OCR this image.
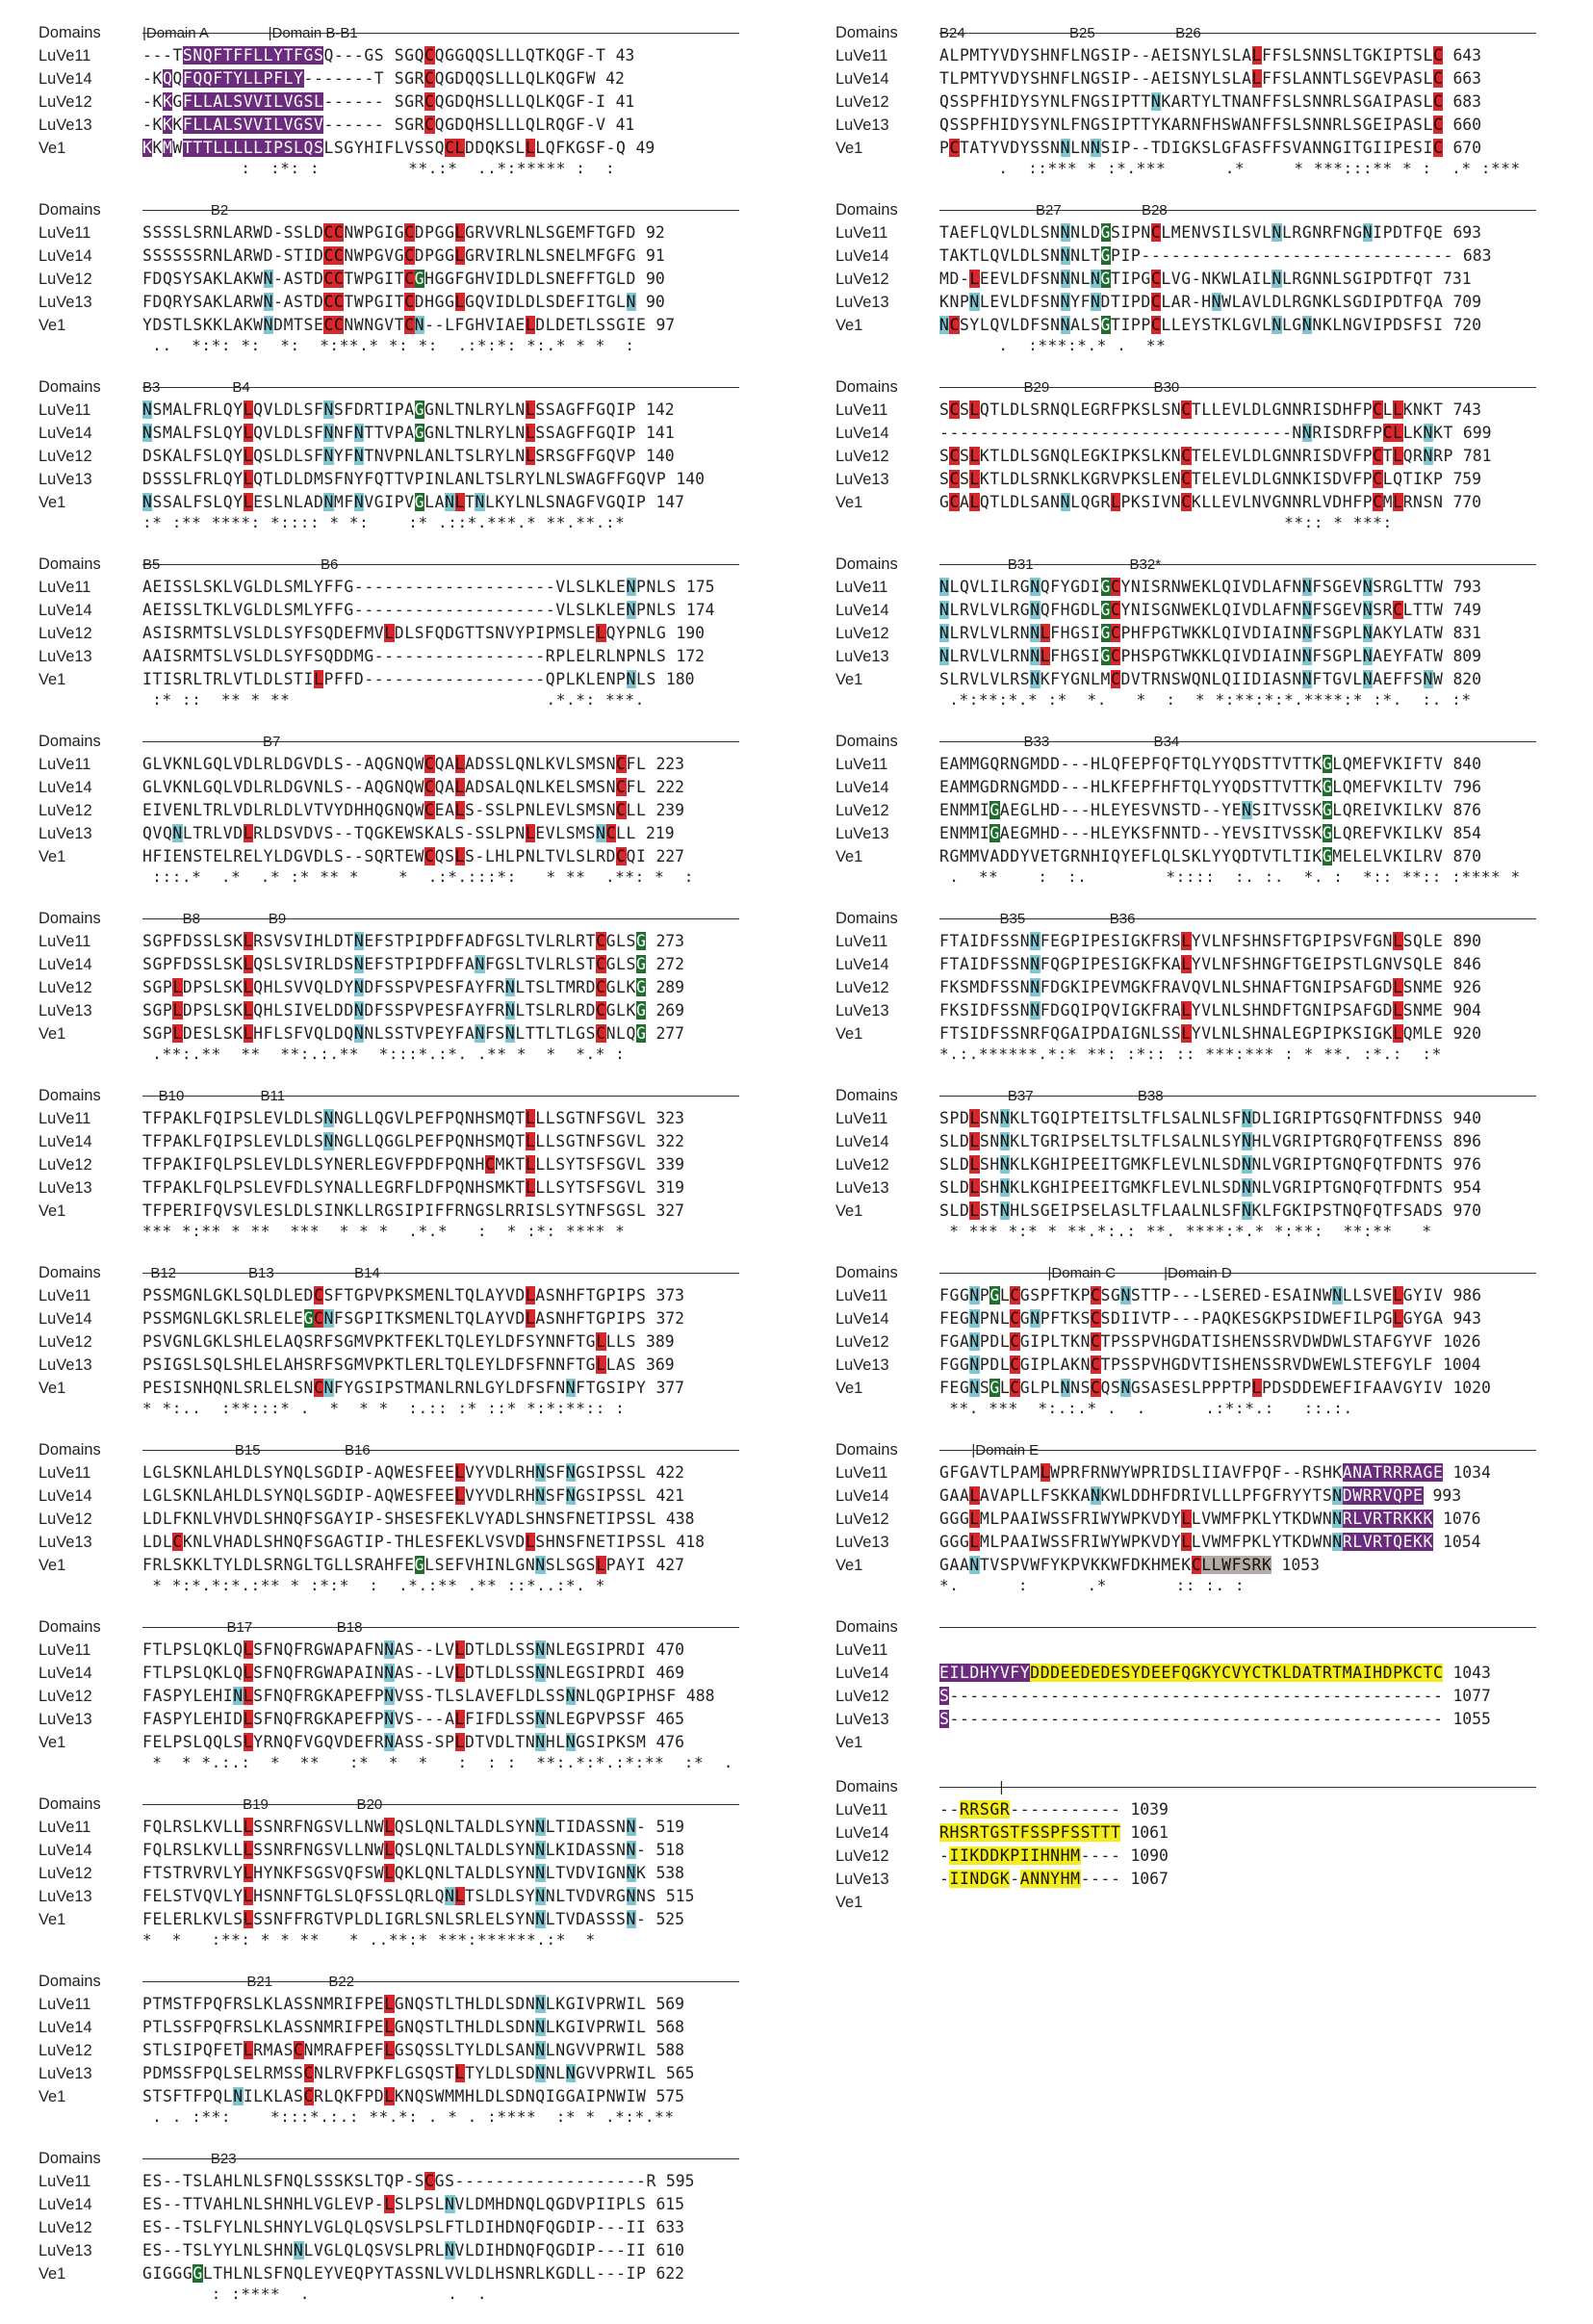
Domains	|Domain A               |Domain B-B1
LuVe11	---TSNQFTFFLLYTFGSQ---GS SGQCQGGQQSLLLQTKQGF-T 43
LuVe14	-KQQFQQFTYLLPFLY-------T SGRCQGDQQSLLLQLKQGFW 42
LuVe12	-KKGFLLALSVVILVGSL------ SGRCQGDQHSLLLQLKQGF-I 41
LuVe13	-KKKFLLALSVVILVGSV------ SGRCQGDQHSLLLQLRQGF-V 41
Ve1	KKMWTTTLLLLLIPSLQSLSGYHIFLVSSQCLDDQKSLLLQFKGSF-Q 49
:  :*: :         **.:*  ..*:***** :  :
Domains	B2
LuVe11	SSSSLSRNLARWD-SSLDCCNWPGIGCDPGGLGRVVRLNLSGEMFTGFD 92
LuVe14	SSSSSSRNLARWD-STIDCCNWPGVGCDPGGLGRVIRLNLSNELMFGFG 91
LuVe12	FDQSYSAKLAKWN-ASTDCCTWPGITCGHGGFGHVIDLDLSNEFFTGLD 90
LuVe13	FDQRYSAKLARWN-ASTDCCTWPGITCDHGGLGQVIDLDLSDEFITGLN 90
Ve1	YDSTLSKKLAKWNDMTSECCNWNGVTCN--LFGHVIAELDLDETLSSGIE 97
..  *:*: *:  *:  *:**.* *: *:  .:*:*: *:.* * *  :
Domains	B3                  B4
LuVe11	NSMALFRLQYLQVLDLSFNSFDRTIPAGGNLTNLRYLNLSSAGFFGQIP 142
LuVe14	NSMALFSLQYLQVLDLSFNNFNTTVPAGGNLTNLRYLNLSSAGFFGQIP 141
LuVe12	DSKALFSLQYLQSLDLSFNYFNTNVPNLANLTSLRYLNLSRSGFFGQVP 140
LuVe13	DSSSLFRLQYLQTLDLDMSFNYFQTTVPINLANLTSLRYLNLSWAGFFGQVP 140
Ve1	NSSALFSLQYLESLNLADNMFNVGIPVGLANLTNLKYLNLSNAGFVGQIP 147
:* :** ****: *:::: * *:    :* .::*.***.* **.**.:*
Domains	B5                                        B6
LuVe11	AEISSLSKLVGLDLSMLYFFG--------------------VLSLKLENPNLS 175
LuVe14	AEISSLTKLVGLDLSMLYFFG--------------------VLSLKLENPNLS 174
LuVe12	ASISRMTSLVSLDLSYFSQDEFMVLDLSFQDGTTSNVYPIPMSLELQYPNLG 190
LuVe13	AAISRMTSLVSLDLSYFSQDDMG-----------------RPLELRLNPNLS 172
Ve1	ITISRLTRLVTLDLSTILPFFD------------------QPLKLENPNLS 180
:* ::  ** * **                          .*.*: ***.
Domains	B7
LuVe11	GLVKNLGQLVDLRLDGVDLS--AQGNQWCQALADSSLQNLKVLSMSNCFL 223
LuVe14	GLVKNLGQLVDLRLDGVNLS--AQGNQWCQALADSALQNLKELSMSNCFL 222
LuVe12	EIVENLTRLVDLRLDLVTVYDHHQGNQWCEALS-SSLPNLEVLSMSNCLL 239
LuVe13	QVQNLTRLVDLRLDSVDVS--TQGKEWSKALS-SSLPNLEVLSMSNCLL 219
Ve1	HFIENSTELRELYLDGVDLS--SQRTEWCQSLS-LHLPNLTVLSLRDCQI 227
:::.*  .*  .* :* ** *    *  .:*.:::*:   * **  .**: *  :
Domains	B8                 B9
LuVe11	SGPFDSSLSKLRSVSVIHLDTNEFSTPIPDFFADFGSLTVLRLRTCGLSG 273
LuVe14	SGPFDSSLSKLQSLSVIRLDSNEFSTPIPDFFANFGSLTVLRLSTCGLSG 272
LuVe12	SGPLDPSLSKLQHLSVVQLDYNDFSSPVPESFAYFRNLTSLTMRDCGLKG 289
LuVe13	SGPLDPSLSKLQHLSIVELDDNDFSSPVPESFAYFRNLTSLRLRDCGLKG 269
Ve1	SGPLDESLSKLHFLSFVQLDQNNLSSTVPEYFANFSNLTTLTLGSCNLQG 277
.**:.**  **  **:.:.**  *:::*.:*. .** *  *  *.* :
Domains	B10                   B11
LuVe11	TFPAKLFQIPSLEVLDLSNNGLLQGVLPEFPQNHSMQTLLLSGTNFSGVL 323
LuVe14	TFPAKLFQIPSLEVLDLSNNGLLQGGLPEFPQNHSMQTLLLSGTNFSGVL 322
LuVe12	TFPAKIFQLPSLEVLDLSYNERLEGVFPDFPQNHCMKTLLLSYTSFSGVL 339
LuVe13	TFPAKLFQLPSLEVFDLSYNALLEGRFLDFPQNHSMKTLLLSYTSFSGVL 319
Ve1	TFPERIFQVSVLESLDLSINKLLRGSIPIFFRNGSLRRISLSYTNFSGSL 327
*** *:** * **  ***  * * *  .*.*   :  * :*: **** *
Domains	B12                  B13                    B14
LuVe11	PSSMGNLGKLSQLDLEDCSFTGPVPKSMENLTQLAYVDLASNHFTGPIPS 373
LuVe14	PSSMGNLGKLSRLELEGCNFSGPITKSMENLTQLAYVDLASNHFTGPIPS 372
LuVe12	PSVGNLGKLSHLELAQSRFSGMVPKTFEKLTQLEYLDFSYNNFTGLLLS 389
LuVe13	PSIGSLSQLSHLELAHSRFSGMVPKTLERLTQLEYLDFSFNNFTGLLAS 369
Ve1	PESISNHQNLSRLELSNCNFYGSIPSTMANLRNLGYLDFSFNNFTGSIPY 377
* *:..  :**:::* .  *  * *  :.:: :* ::* *:*:**:: :
Domains	B15                     B16
LuVe11	LGLSKNLAHLDLSYNQLSGDIP-AQWESFEELVYVDLRHNSFNGSIPSSL 422
LuVe14	LGLSKNLAHLDLSYNQLSGDIP-AQWESFEELVYVDLRHNSFNGSIPSSL 421
LuVe12	LDLFKNLVHVDLSHNQFSGAYIP-SHSESFEKLVYADLSHNSFNETIPSSL 438
LuVe13	LDLCKNLVHADLSHNQFSGAGTIP-THLESFEKLVSVDLSHNSFNETIPSSL 418
Ve1	FRLSKKLTYLDLSRNGLTGLLSRAHFEGLSEFVHINLGNNSLSGSLPAYI 427
* *:*.*:*.:** * :*:*  :  .*.:** .** ::*..:*. *
Domains	B17                     B18
LuVe11	FTLPSLQKLQLSFNQFRGWAPAFNNAS--LVLDTLDLSSNNLEGSIPRDI 470
LuVe14	FTLPSLQKLQLSFNQFRGWAPAINNAS--LVLDTLDLSSNNLEGSIPRDI 469
LuVe12	FASPYLEHINLSFNQFRGKAPEFPNVSS-TLSLAVEFLDLSSNNLQGPIPHSF 488
LuVe13	FASPYLEHIDLSFNQFRGKAPEFPNVS---ALFIFDLSSNNLEGPVPSSF 465
Ve1	FELPSLQQLSLYRNQFVGQVDEFRNASS-SPLDTVDLTNNHLNGSIPKSM 476
*  * *.:.:  *  **   :*  *  *   :  : :  **:.*:*.:*:**  :*  .
Domains	B19                      B20
LuVe11	FQLRSLKVLLLSSNRFNGSVLLNWLQSLQNLTALDLSYNNLTIDASSNN- 519
LuVe14	FQLRSLKVLLLSSNRFNGSVLLNWLQSLQNLTALDLSYNNLKIDASSNN- 518
LuVe12	FTSTRVRVLYLHYNKFSGSVQFSWLQKLQNLTALDLSYNNLTVDVIGNNK 538
LuVe13	FELSTVQVLYLHSNNFTGLSLQFSSLQRLQNLTSLDLSYNNLTVDVRGNNS 515
Ve1	FELERLKVLSLSSNFFRGTVPLDLIGRLSNLSRLELSYNNLTVDASSSN- 525
*  *   :**: * * **   * ..**:* ***:******.:*  *
Domains	B21              B22
LuVe11	PTMSTFPQFRSLKLASSNMRIFPELGNQSTLTHLDLSDNNLKGIVPRWIL 569
LuVe14	PTLSSFPQFRSLKLASSNMRIFPELGNQSTLTHLDLSDNNLKGIVPRWIL 568
LuVe12	STLSIPQFETLRMASCNMRAFPEFLGSQSSLTYLDLSANNLNGVVPRWIL 588
LuVe13	PDMSSFPQLSELRMSSCNLRVFPKFLGSQSTLTYLDLSDNNLNGVVPRWIL 565
Ve1	STSFTFPQLNILKLASCRLQKFPDLKNQSWMMHLDLSDNQIGGAIPNWIW 575
. . :**:    *:::*.:.: **.*: . * . :****  :* * .*:*.**
Domains	B23
LuVe11	ES--TSLAHLNLSFNQLSSSKSLTQP-SCGS-------------------R 595
LuVe14	ES--TTVAHLNLSHNHLVGLEVP-LSLPSLNVLDMHDNQLQGDVPIIPLS 615
LuVe12	ES--TSLFYLNLSHNYLVGLQLQSVSLPSLFTLDIHDNQFQGDIP---II 633
LuVe13	ES--TSLYYLNLSHNNLVGLQLQSVSLPRLNVLDIHDNQFQGDIP---II 610
Ve1	GIGGGGLTHLNLSFNQLEYVEQPYTASSNLVVLDLHSNRLKGDLL---IP 622
: :****  .              .  .
Domains	B24                          B25                    B26
LuVe11	ALPMTYVDYSHNFLNGSIP--AEISNYLSLALFFSLSNNSLTGKIPTSLC 643
LuVe14	TLPMTYVDYSHNFLNGSIP--AEISNYLSLALFFSLANNTLSGEVPASLC 663
LuVe12	QSSPFHIDYSYNLFNGSIPTTNKARTYLTNANFFSLSNNRLSGAIPASLC 683
LuVe13	QSSPFHIDYSYNLFNGSIPTTYKARNFHSWANFFSLSNNRLSGEIPASLC 660
Ve1	PCTATYVDYSSNNLNNSIP--TDIGKSLGFASFFSVANNGITGIIPESIC 670
.  ::*** * :*.***      .*     * ***:::** * :  .* :***
Domains	B27                    B28
LuVe11	TAEFLQVLDLSNNNLDGSIPNCLMENVSILSVLNLRGNRFNGNIPDTFQE 693
LuVe14	TAKTLQVLDLSNNNLTGPIP------------------------------- 683
LuVe12	MD-LEEVLDFSNNNLNGTIPGCLVG-NKWLAILNLRGNNLSGIPDTFQT 731
LuVe13	KNPNLEVLDFSNNYFNDTIPDCLAR-HNWLAVLDLRGNKLSGDIPDTFQA 709
Ve1	NCSYLQVLDFSNNALSGTIPPCLLEYSTKLGVLNLGNNKLNGVIPDSFSI 720
.  :***:*.* .  **
Domains	B29                          B30
LuVe11	SCSLQTLDLSRNQLEGRFPKSLSNCTLLEVLDLGNNRISDHFPCLLKNKT 743
LuVe14	-----------------------------------NNRISDRFPCLLKNKT 699
LuVe12	SCSLKTLDLSGNQLEGKIPKSLKNCTELEVLDLGNNRISDVFPCTLQRNRP 781
LuVe13	SCSLKTLDLSRNKLKGRVPKSLENCTELEVLDLGNNKISDVFPCLQTIKP 759
Ve1	GCALQTLDLSANNLQGRLPKSIVNCKLLEVLNVGNNRLVDHFPCMLRNSN 770
**:: * ***:
Domains	B31                        B32*
LuVe11	NLQVLILRGNQFYGDIGCYNISRNWEKLQIVDLAFNNFSGEVNSRGLTTW 793
LuVe14	NLRVLVLRGNQFHGDLGCYNISGNWEKLQIVDLAFNNFSGEVNSRCLTTW 749
LuVe12	NLRVLVLRNNLFHGSIGCPHFPGTWKKLQIVDIAINNFSGPLNAKYLATW 831
LuVe13	NLRVLVLRNNLFHGSIGCPHSPGTWKKLQIVDIAINNFSGPLNAEYFATW 809
Ve1	SLRVLVLRSNKFYGNLMCDVTRNSWQNLQIIDIASNNFTGVLNAEFFSNW 820
.*:**:*.* :*  *.   *  :  * *:**:*:*.****:* :*.  :. :*
Domains	B33                          B34
LuVe11	EAMMGQRNGMDD---HLQFEPFQFTQLYYQDSTTVTTKGLQMEFVKIFTV 840
LuVe14	EAMMGDRNGMDD---HLKFEPFHFTQLYYQDSTTVTTKGLQMEFVKILTV 796
LuVe12	ENMMIGAEGLHD---HLEYESVNSTD--YENSITVSSKGLQREIVKILKV 876
LuVe13	ENMMIGAEGMHD---HLEYKSFNNTD--YEVSITVSSKGLQREFVKILKV 854
Ve1	RGMMVADDYVETGRNHIQYEFLQLSKLYYQDTVTLTIKGMELELVKILRV 870
.  **    :  :.        *::::  :. :.  *. :  *:: **:: :**** *
Domains	B35                     B36
LuVe11	FTAIDFSSNNFEGPIPESIGKFRSLYVLNFSHNSFTGPIPSVFGNLSQLE 890
LuVe14	FTAIDFSSNNFQGPIPESIGKFKALYVLNFSHNGFTGEIPSTLGNVSQLE 846
LuVe12	FKSMDFSSNNFDGKIPEVMGKFRAVQVLNLSHNAFTGNIPSAFGDLSNME 926
LuVe13	FKSIDFSSNNFDGQIPQVIGKFRALYVLNLSHNDFTGNIPSAFGDLSNME 904
Ve1	FTSIDFSSNRFQGAIPDAIGNLSSLYVLNLSHNALEGPIPKSIGKLQMLE 920
*.:.******.*:* **: :*:: :: ***:*** : * **. :*.:  :*
Domains	B37                          B38
LuVe11	SPDLSNNKLTGQIPTEITSLTFLSALNLSFNDLIGRIPTGSQFNTFDNSS 940
LuVe14	SLDLSNNKLTGRIPSELTSLTFLSALNLSYNHLVGRIPTGRQFQTFENSS 896
LuVe12	SLDLSHNKLKGHIPEEITGMKFLEVLNLSDNNLVGRIPTGNQFQTFDNTS 976
LuVe13	SLDLSHNKLKGHIPEEITGMKFLEVLNLSDNNLVGRIPTGNQFQTFDNTS 954
Ve1	SLDLSTNHLSGEIPSELASLTFLAALNLSFNKLFGKIPSTNQFQTFSADS 970
* *** *:* * **.*:.: **. ****:*.* *:**:  **:**   *
Domains	|Domain C            |Domain D
LuVe11	FGGNPGLCGSPFTKPCSGNSTTP---LSERED-ESAINWNLLSVELGYIV 986
LuVe14	FEGNPNLCGNPFTKSCSDIIVTP---PAQKESGKPSIDWEFILPGLGYGA 943
LuVe12	FGANPDLCGIPLTKNCTPSSPVHGDATISHENSSRVDWDWLSTAFGYVF 1026
LuVe13	FGGNPDLCGIPLAKNCTPSSPVHGDVTISHENSSRVDWEWLSTEFGYLF 1004
Ve1	FEGNSGLCGLPLNNSCQSNGSASESLPPPTPLPDSDDEWEFIFAAVGYIV 1020
**. ***  *:.:.* .  .      .:*:*.:   ::.:.
Domains	|Domain E
LuVe11	GFGAVTLPAMLWPRFRNWYWPRIDSLIIAVFPQF--RSHKANATRRRAGE 1034
LuVe14	GAALAVAPLLFSKKANKWLDDHFDRIVLLLPFGFRYYTSNDWRRVQPE 993
LuVe12	GGGLMLPAAIWSSFRIWYWPKVDYLLVWMFPKLYTKDWNNRLVRTRKKK 1076
LuVe13	GGGLMLPAAIWSSFRIWYWPKVDYLLVWMFPKLYTKDWNNRLVRTQEKK 1054
Ve1	GAANTVSPVWFYKPVKKWFDKHMEKCLLWFSRK 1053
*.      :      .*       :: :. :
Domains
LuVe11
LuVe14	EILDHYVFYDDDEEDEDESYDEEFQGKYCVYCTKLDATRTMAIHDPKCTC 1043
LuVe12	S------------------------------------------------- 1077
LuVe13	S------------------------------------------------- 1055
Ve1
Domains	|
LuVe11	--RRSGR----------- 1039
LuVe14	RHSRTGSTFSSPFSSTTT 1061
LuVe12	-IIKDDKPIIHNHM---- 1090
LuVe13	-IINDGK-ANNYHM---- 1067
Ve1
